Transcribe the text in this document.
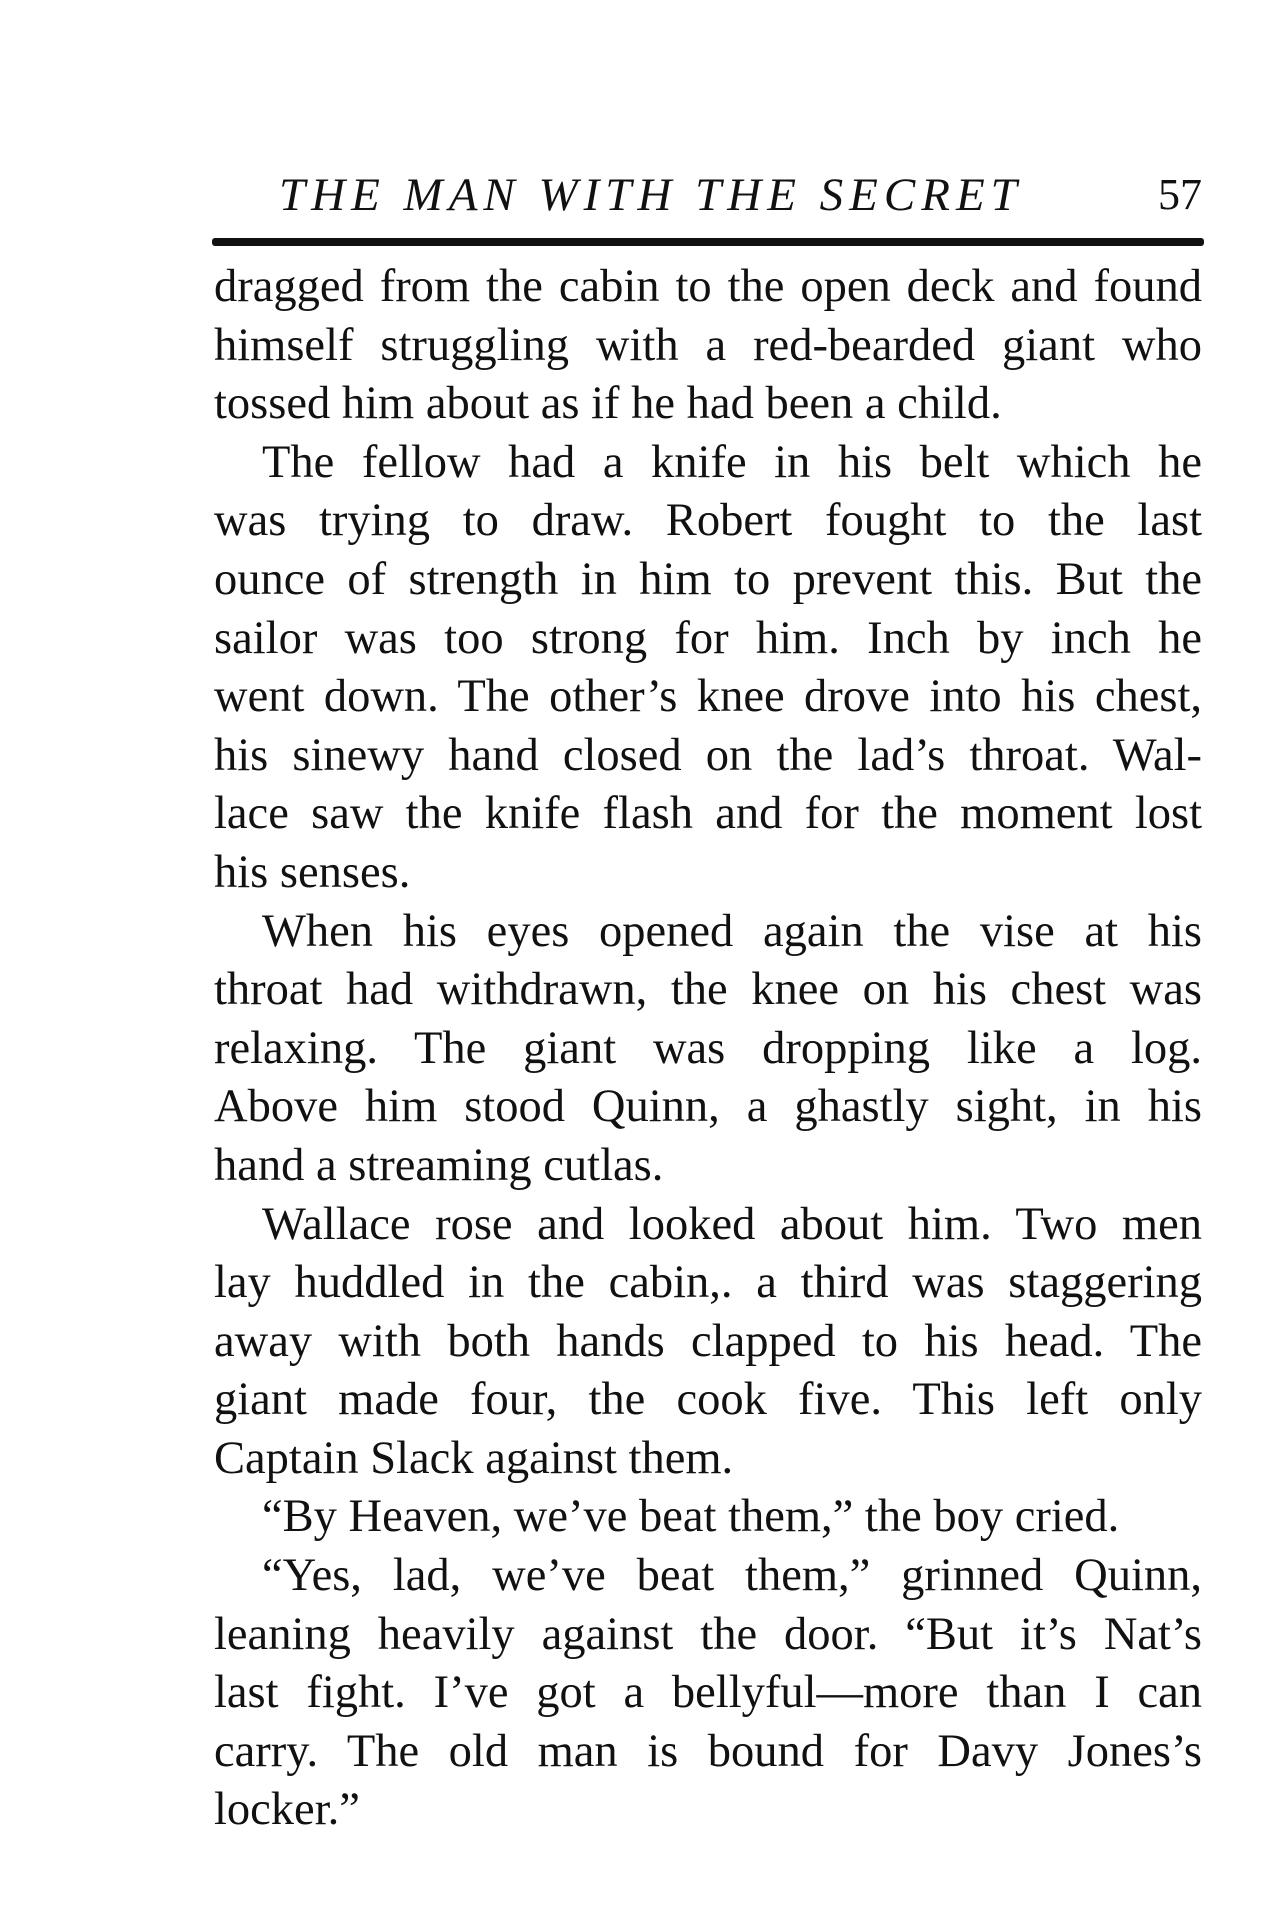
THE MAN WITH THE SECRET	57
dragged from the cabin to the open deck and found
himself struggling with a red-bearded giant who
tossed him about as if he had been a child.
The fellow had a knife in his belt which he
was trying to draw. Robert fought to the last
ounce of strength in him to prevent this. But the
sailor was too strong for him. Inch by inch he
went down. The other’s knee drove into his chest,
his sinewy hand closed on the lad’s throat. Wal-
lace saw the knife flash and for the moment lost
his senses.
When his eyes opened again the vise at his
throat had withdrawn, the knee on his chest was
relaxing. The giant was dropping like a log.
Above him stood Quinn, a ghastly sight, in his
hand a streaming cutlas.
Wallace rose and looked about him. Two men
lay huddled in the cabin,. a third was staggering
away with both hands clapped to his head. The
giant made four, the cook five. This left only
Captain Slack against them.
“By Heaven, we’ve beat them,” the boy cried.
“Yes, lad, we’ve beat them,” grinned Quinn,
leaning heavily against the door. “But it’s Nat’s
last fight. I’ve got a bellyful—more than I can
carry. The old man is bound for Davy Jones’s
locker.”
